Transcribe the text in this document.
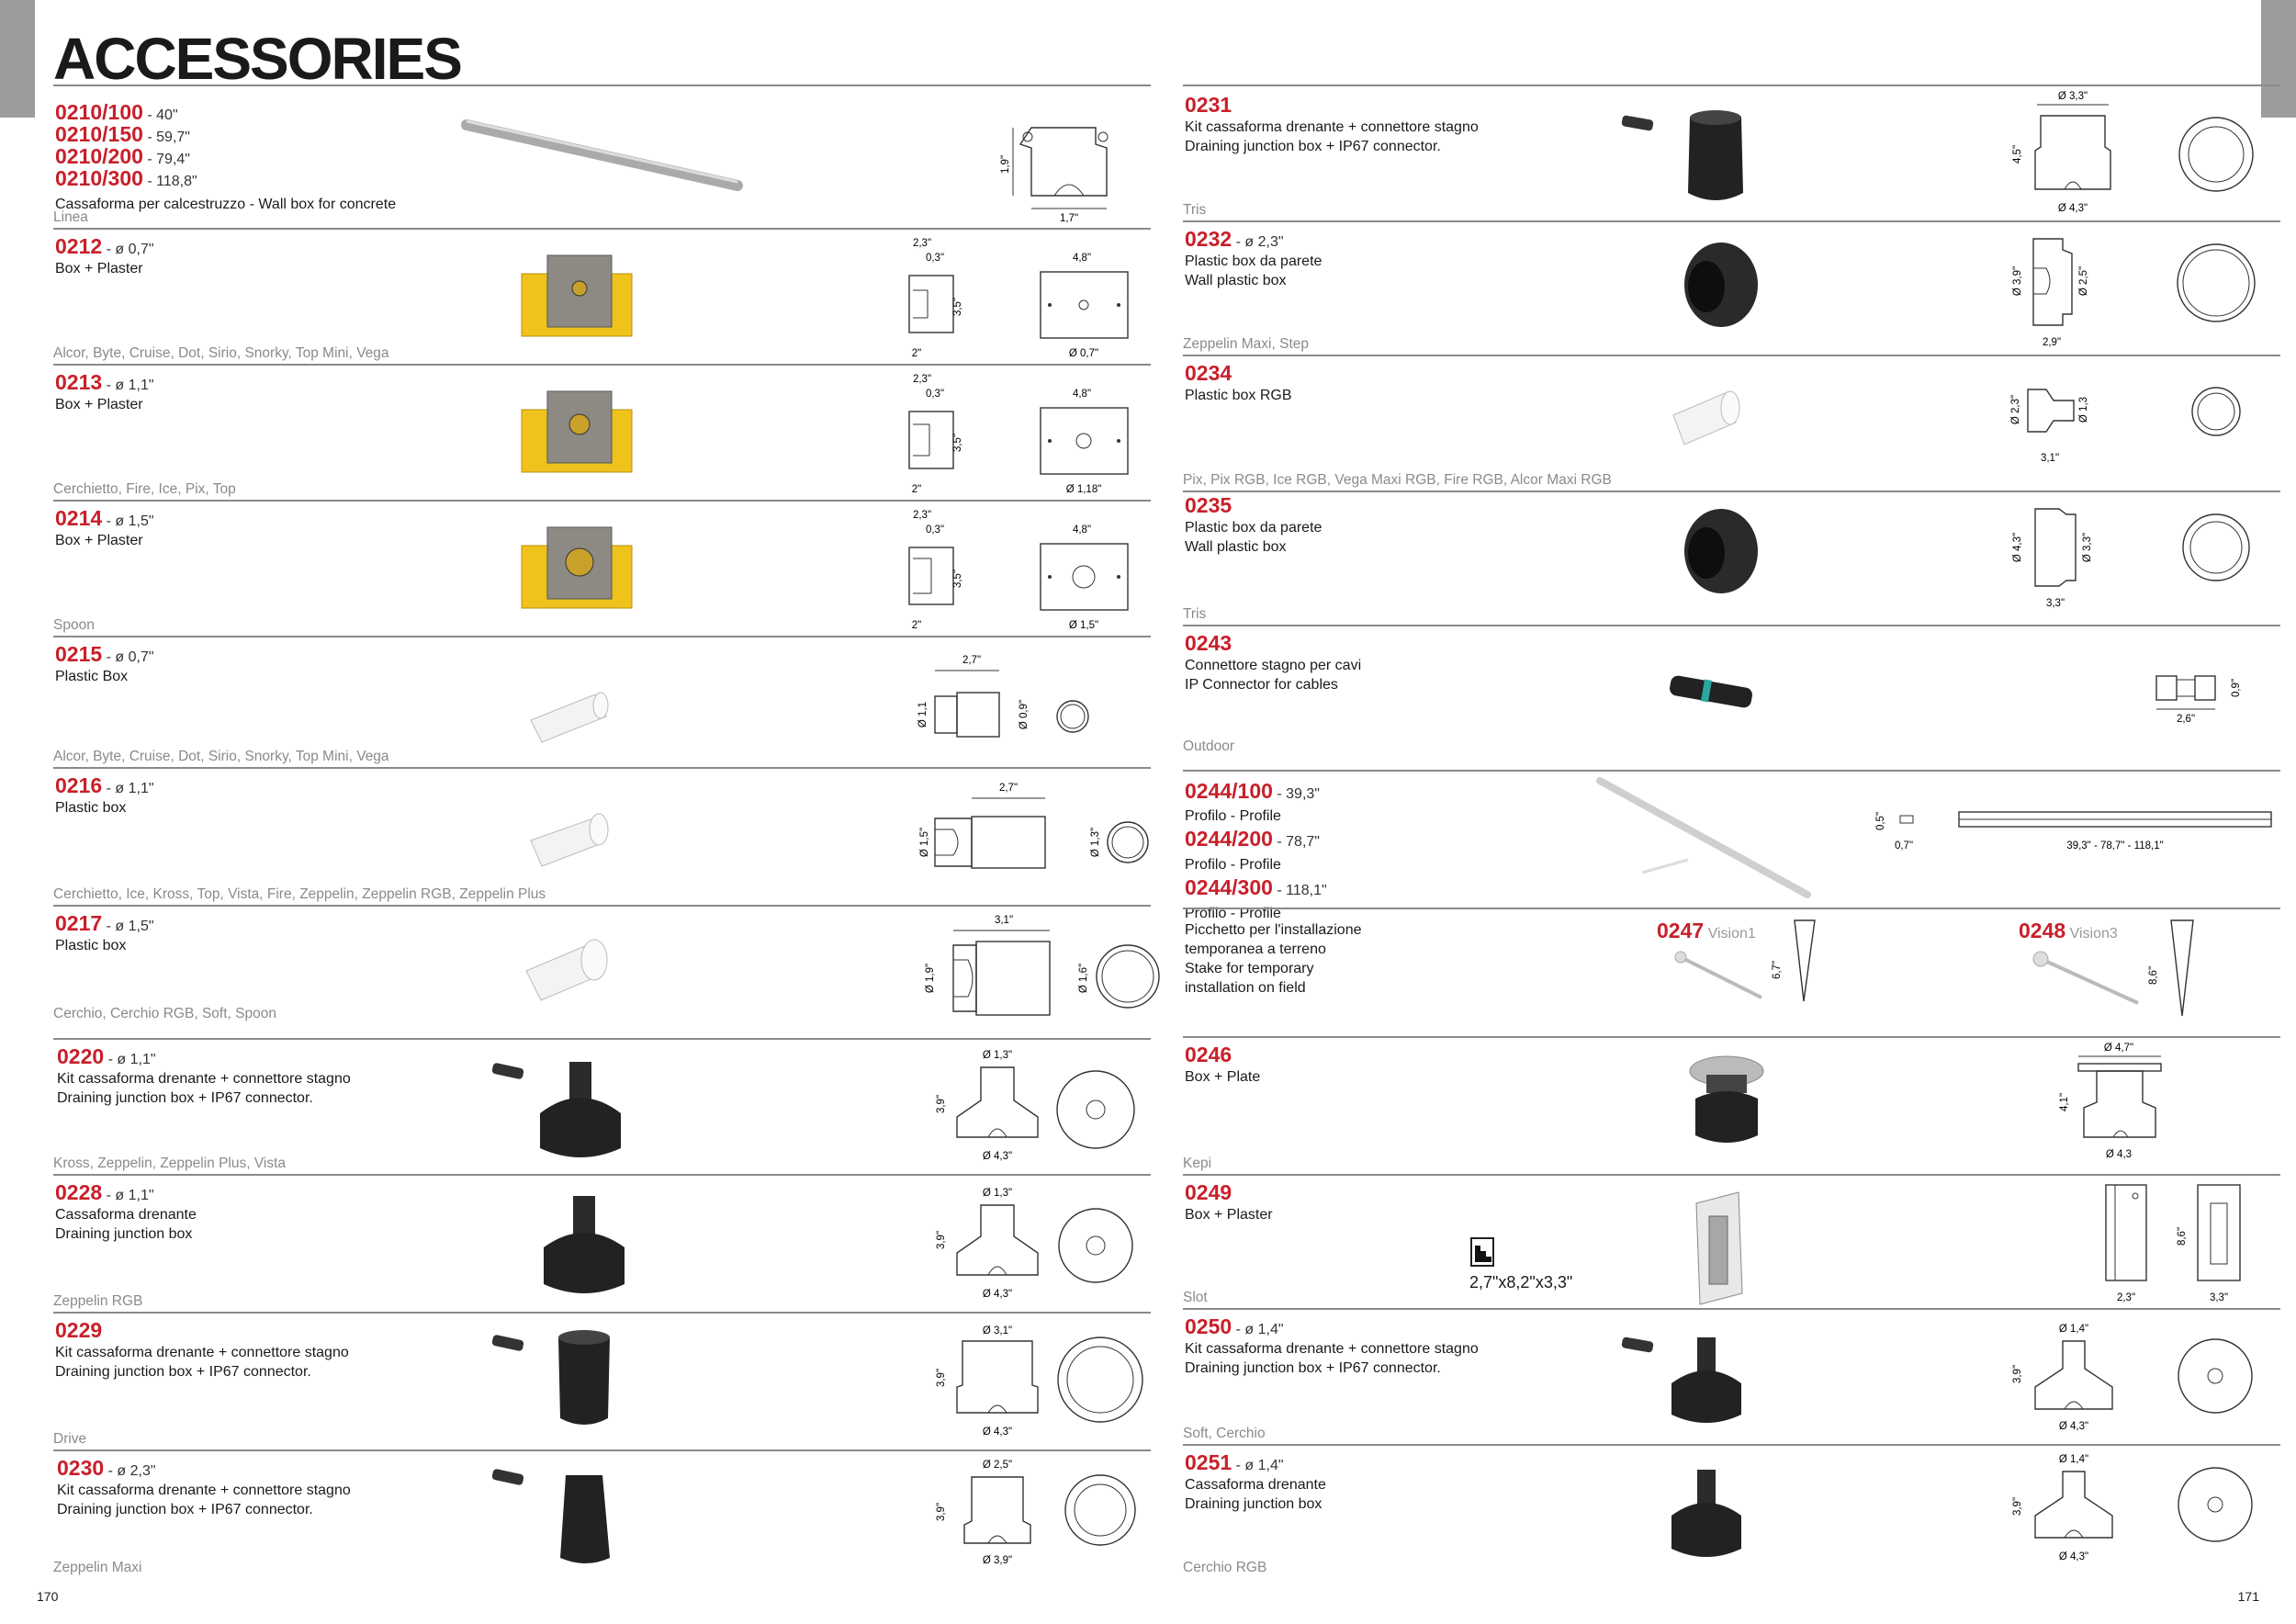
ACCESSORIES
0210/100 - 40"
0210/150 - 59,7"
0210/200 - 79,4"
0210/300 - 118,8"
Cassaforma per calcestruzzo - Wall box for concrete
Linea
1,9"
1,7"
0212 - ø 0,7"
Box + Plaster
Alcor, Byte, Cruise, Dot, Sirio, Snorky, Top Mini, Vega
2,3"
0,3"
3,5"
2"
4,8"
Ø 0,7"
0213 - ø 1,1"
Box + Plaster
Cerchietto, Fire, Ice, Pix, Top
2,3"
0,3"
3,5"
2"
4,8"
Ø 1,18"
0214 - ø 1,5"
Box + Plaster
Spoon
2,3"
0,3"
3,5"
2"
4,8"
Ø 1,5"
0215 - ø 0,7"
Plastic Box
Alcor, Byte, Cruise, Dot, Sirio, Snorky, Top Mini, Vega
2,7"
Ø 1,1	Ø 0,9"
0216 - ø 1,1"
Plastic box
Cerchietto, Ice, Kross, Top, Vista, Fire, Zeppelin, Zeppelin RGB, Zeppelin Plus
2,7"
Ø 1,5"	Ø 1,3"
0217 - ø 1,5"
Plastic box
Cerchio, Cerchio RGB, Soft, Spoon
3,1"
Ø 1,9"	Ø 1,6"
0220 - ø 1,1"
Kit cassaforma drenante + connettore stagno
Draining junction box + IP67 connector.
Kross, Zeppelin, Zeppelin Plus, Vista
Ø 1,3"
3,9"
Ø 4,3"
0228 - ø 1,1"
Cassaforma drenante
Draining junction box
Zeppelin RGB
Ø 1,3"
3,9"
Ø 4,3"
0229
Kit cassaforma drenante + connettore stagno
Draining junction box + IP67 connector.
Drive
Ø 3,1"
3,9"
Ø 4,3"
0230 - ø 2,3"
Kit cassaforma drenante + connettore stagno
Draining junction box + IP67 connector.
Zeppelin Maxi
Ø 2,5"
3,9"
Ø 3,9"
0231
Kit cassaforma drenante + connettore stagno
Draining junction box + IP67 connector.
Tris
Ø 3,3"
4,5"
Ø 4,3"
0232 - ø 2,3"
Plastic box da parete
Wall plastic box
Zeppelin Maxi, Step
Ø 3,9"	Ø 2,5"
2,9"
0234
Plastic box RGB
Pix, Pix RGB, Ice RGB, Vega Maxi RGB, Fire RGB, Alcor Maxi RGB
Ø 2,3"	Ø 1,3
3,1"
0235
Plastic box da parete
Wall plastic box
Tris
Ø 4,3"	Ø 3,3"
3,3"
0243
Connettore stagno per cavi
IP Connector for cables
Outdoor
0,9"
2,6"
0244/100 - 39,3"
Profilo - Profile
0244/200 - 78,7"
Profilo - Profile
0244/300 - 118,1"
Profilo - Profile
0,5"
0,7"	39,3" - 78,7" - 118,1"
Picchetto per l'installazione
temporanea a terreno
Stake for temporary
installation on field
0247 Vision1
6,7"
0248 Vision3
8,6"
0246
Box + Plate
Kepi
Ø 4,7"
4,1"
Ø 4,3
0249
Box + Plaster
Slot
2,7"x8,2"x3,3"
2,3"
8,6"
3,3"
0250 - ø 1,4"
Kit cassaforma drenante + connettore stagno
Draining junction box + IP67 connector.
Soft, Cerchio
Ø 1,4"
3,9"
Ø 4,3"
0251 - ø 1,4"
Cassaforma drenante
Draining junction box
Cerchio RGB
Ø 1,4"
3,9"
Ø 4,3"
170	171
